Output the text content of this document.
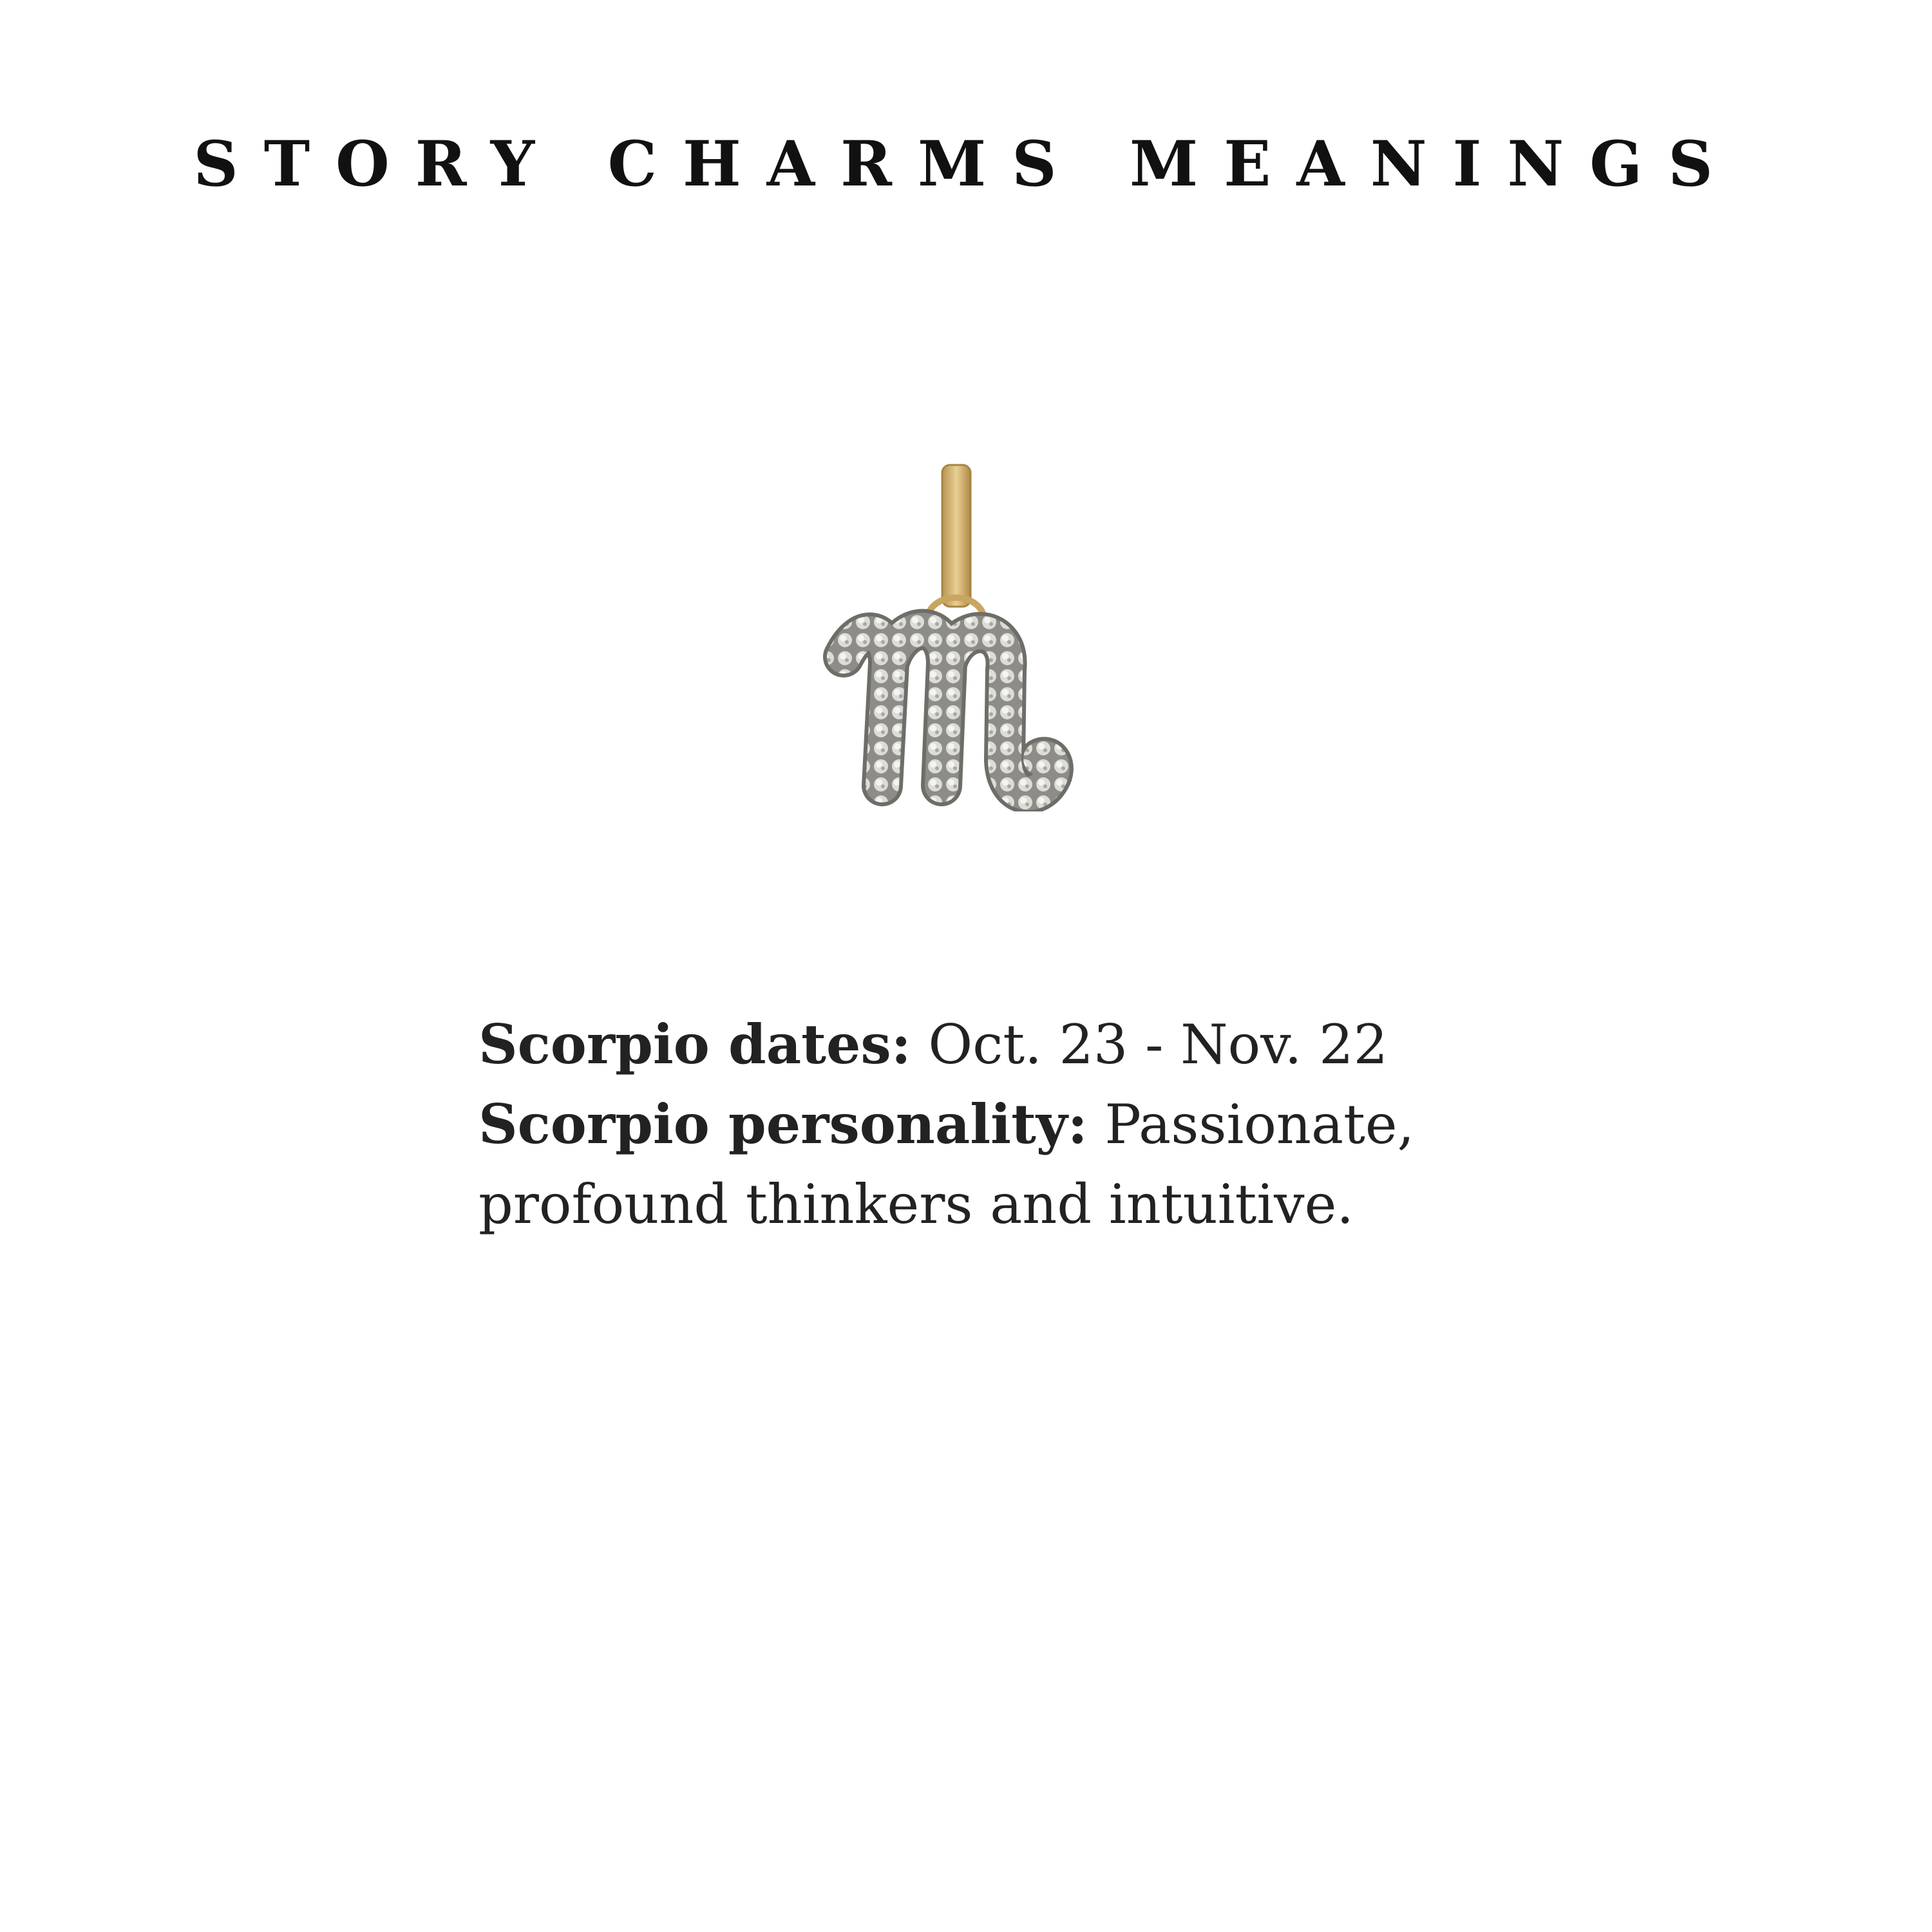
STORY CHARMS MEANINGS
Scorpio dates: Oct. 23 - Nov. 22
Scorpio personality: Passionate,
profound thinkers and intuitive.
